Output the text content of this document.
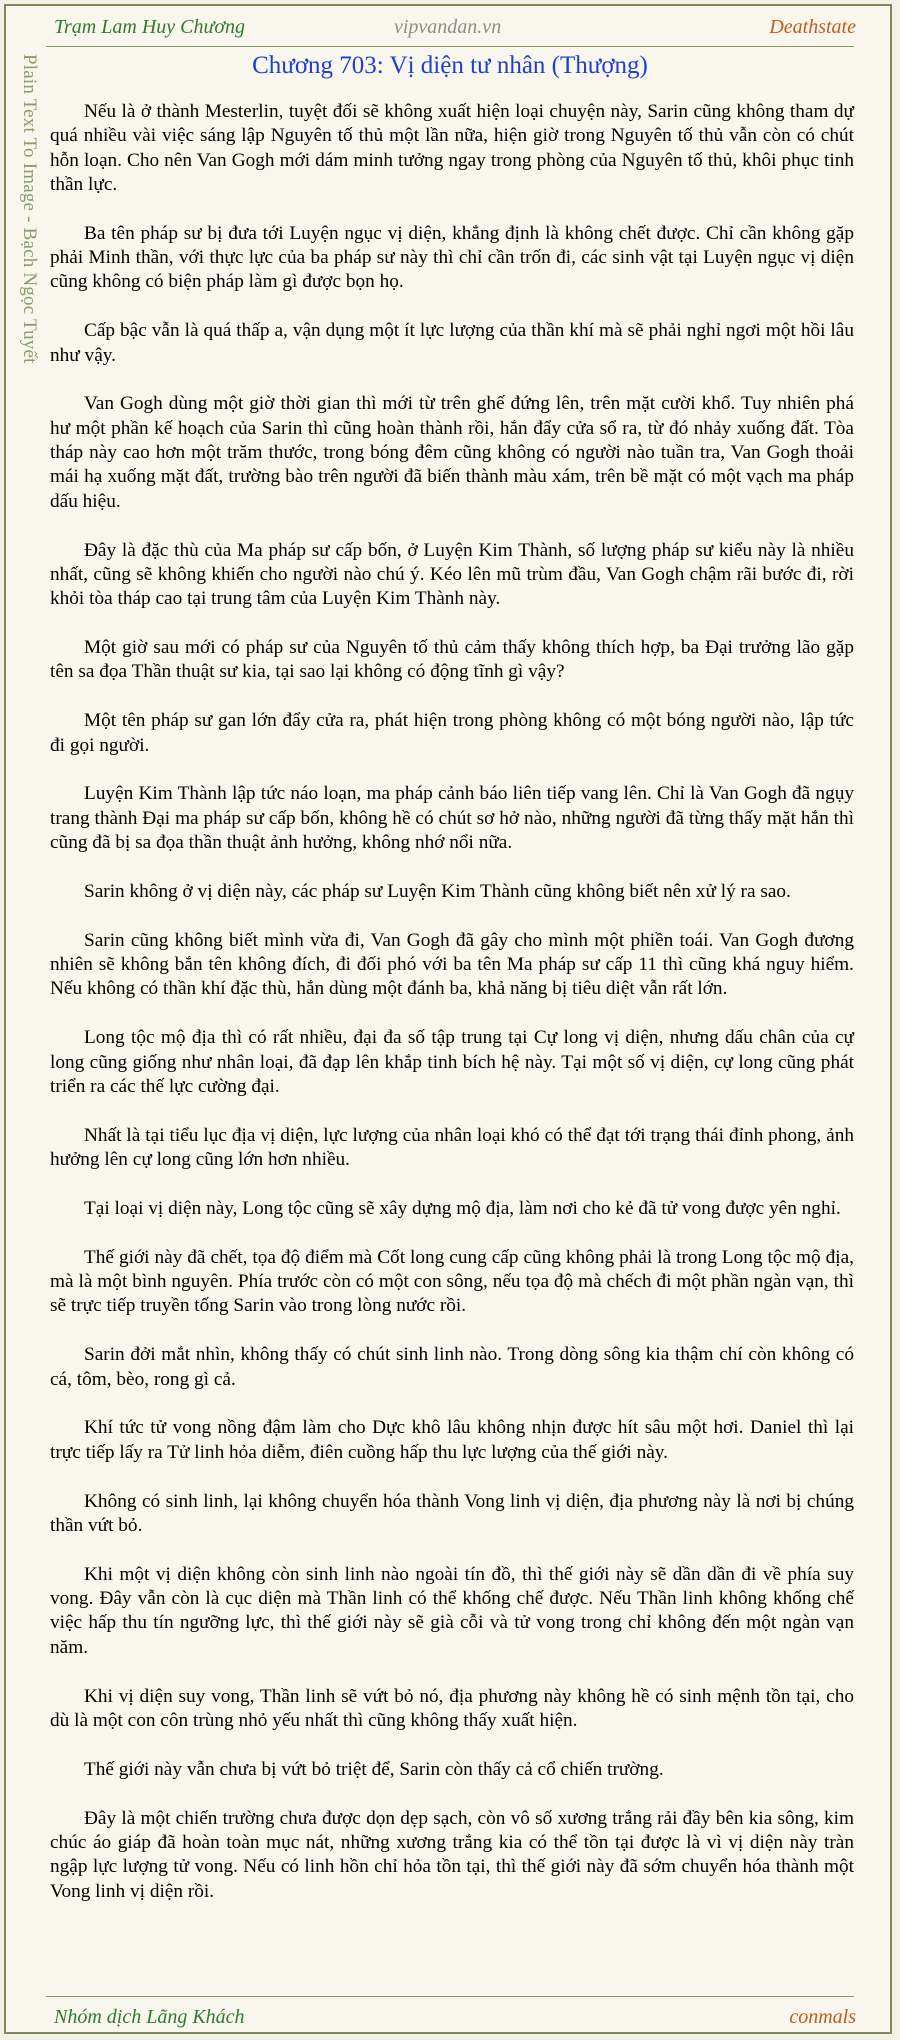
Trạm Lam Huy Chương	vipvandan.vn	Deathstate
Plain Text To Image - Bạch Ngọc Tuyết	Chương 703: Vị diện tư nhân (Thượng)

Nếu là ở thành Mesterlin, tuyệt đối sẽ không xuất hiện loại chuyện này, Sarin cũng không tham dự quá nhiều vài việc sáng lập Nguyên tố thủ một lần nữa, hiện giờ trong Nguyên tố thủ vẫn còn có chút hỗn loạn. Cho nên Van Gogh mới dám minh tưởng ngay trong phòng của Nguyên tố thủ, khôi phục tinh thần lực.

Ba tên pháp sư bị đưa tới Luyện ngục vị diện, khẳng định là không chết được. Chỉ cần không gặp phải Minh thần, với thực lực của ba pháp sư này thì chỉ cần trốn đi, các sinh vật tại Luyện ngục vị diện cũng không có biện pháp làm gì được bọn họ.

Cấp bậc vẫn là quá thấp a, vận dụng một ít lực lượng của thần khí mà sẽ phải nghỉ ngơi một hồi lâu như vậy.

Van Gogh dùng một giờ thời gian thì mới từ trên ghế đứng lên, trên mặt cười khổ. Tuy nhiên phá hư một phần kế hoạch của Sarin thì cũng hoàn thành rồi, hắn đẩy cửa sổ ra, từ đó nhảy xuống đất. Tòa tháp này cao hơn một trăm thước, trong bóng đêm cũng không có người nào tuần tra, Van Gogh thoải mái hạ xuống mặt đất, trường bào trên người đã biến thành màu xám, trên bề mặt có một vạch ma pháp dấu hiệu.

Đây là đặc thù của Ma pháp sư cấp bốn, ở Luyện Kim Thành, số lượng pháp sư kiểu này là nhiều nhất, cũng sẽ không khiến cho người nào chú ý. Kéo lên mũ trùm đầu, Van Gogh chậm rãi bước đi, rời khỏi tòa tháp cao tại trung tâm của Luyện Kim Thành này.

Một giờ sau mới có pháp sư của Nguyên tố thủ cảm thấy không thích hợp, ba Đại trưởng lão gặp tên sa đọa Thần thuật sư kia, tại sao lại không có động tĩnh gì vậy?

Một tên pháp sư gan lớn đẩy cửa ra, phát hiện trong phòng không có một bóng người nào, lập tức đi gọi người.

Luyện Kim Thành lập tức náo loạn, ma pháp cảnh báo liên tiếp vang lên. Chỉ là Van Gogh đã ngụy trang thành Đại ma pháp sư cấp bốn, không hề có chút sơ hở nào, những người đã từng thấy mặt hắn thì cũng đã bị sa đọa thần thuật ảnh hưởng, không nhớ nổi nữa.

Sarin không ở vị diện này, các pháp sư Luyện Kim Thành cũng không biết nên xử lý ra sao.

Sarin cũng không biết mình vừa đi, Van Gogh đã gây cho mình một phiền toái. Van Gogh đương nhiên sẽ không bắn tên không đích, đi đối phó với ba tên Ma pháp sư cấp 11 thì cũng khá nguy hiểm. Nếu không có thần khí đặc thù, hắn dùng một đánh ba, khả năng bị tiêu diệt vẫn rất lớn.

Long tộc mộ địa thì có rất nhiều, đại đa số tập trung tại Cự long vị diện, nhưng dấu chân của cự long cũng giống như nhân loại, đã đạp lên khắp tinh bích hệ này. Tại một số vị diện, cự long cũng phát triển ra các thế lực cường đại.

Nhất là tại tiểu lục địa vị diện, lực lượng của nhân loại khó có thể đạt tới trạng thái đỉnh phong, ảnh hưởng lên cự long cũng lớn hơn nhiều.

Tại loại vị diện này, Long tộc cũng sẽ xây dựng mộ địa, làm nơi cho kẻ đã tử vong được yên nghỉ.

Thế giới này đã chết, tọa độ điểm mà Cốt long cung cấp cũng không phải là trong Long tộc mộ địa, mà là một bình nguyên. Phía trước còn có một con sông, nếu tọa độ mà chếch đi một phần ngàn vạn, thì sẽ trực tiếp truyền tống Sarin vào trong lòng nước rồi.

Sarin đởi mắt nhìn, không thấy có chút sinh linh nào. Trong dòng sông kia thậm chí còn không có cá, tôm, bèo, rong gì cả.

Khí tức tử vong nồng đậm làm cho Dực khô lâu không nhịn được hít sâu một hơi. Daniel thì lại trực tiếp lấy ra Tử linh hỏa diễm, điên cuồng hấp thu lực lượng của thế giới này.

Không có sinh linh, lại không chuyển hóa thành Vong linh vị diện, địa phương này là nơi bị chúng thần vứt bỏ.

Khi một vị diện không còn sinh linh nào ngoài tín đồ, thì thế giới này sẽ dần dần đi về phía suy vong. Đây vẫn còn là cục diện mà Thần linh có thể khống chế được. Nếu Thần linh không khống chế việc hấp thu tín ngưỡng lực, thì thế giới này sẽ già cỗi và tử vong trong chỉ không đến một ngàn vạn năm.

Khi vị diện suy vong, Thần linh sẽ vứt bỏ nó, địa phương này không hề có sinh mệnh tồn tại, cho dù là một con côn trùng nhỏ yếu nhất thì cũng không thấy xuất hiện.

Thế giới này vẫn chưa bị vứt bỏ triệt để, Sarin còn thấy cả cổ chiến trường.

Đây là một chiến trường chưa được dọn dẹp sạch, còn vô số xương trắng rải đầy bên kia sông, kim chúc áo giáp đã hoàn toàn mục nát, những xương trắng kia có thể tồn tại được là vì vị diện này tràn ngập lực lượng tử vong. Nếu có linh hồn chỉ hỏa tồn tại, thì thế giới này đã sớm chuyển hóa thành một Vong linh vị diện rồi.

Nhóm dịch Lãng Khách	conmals
